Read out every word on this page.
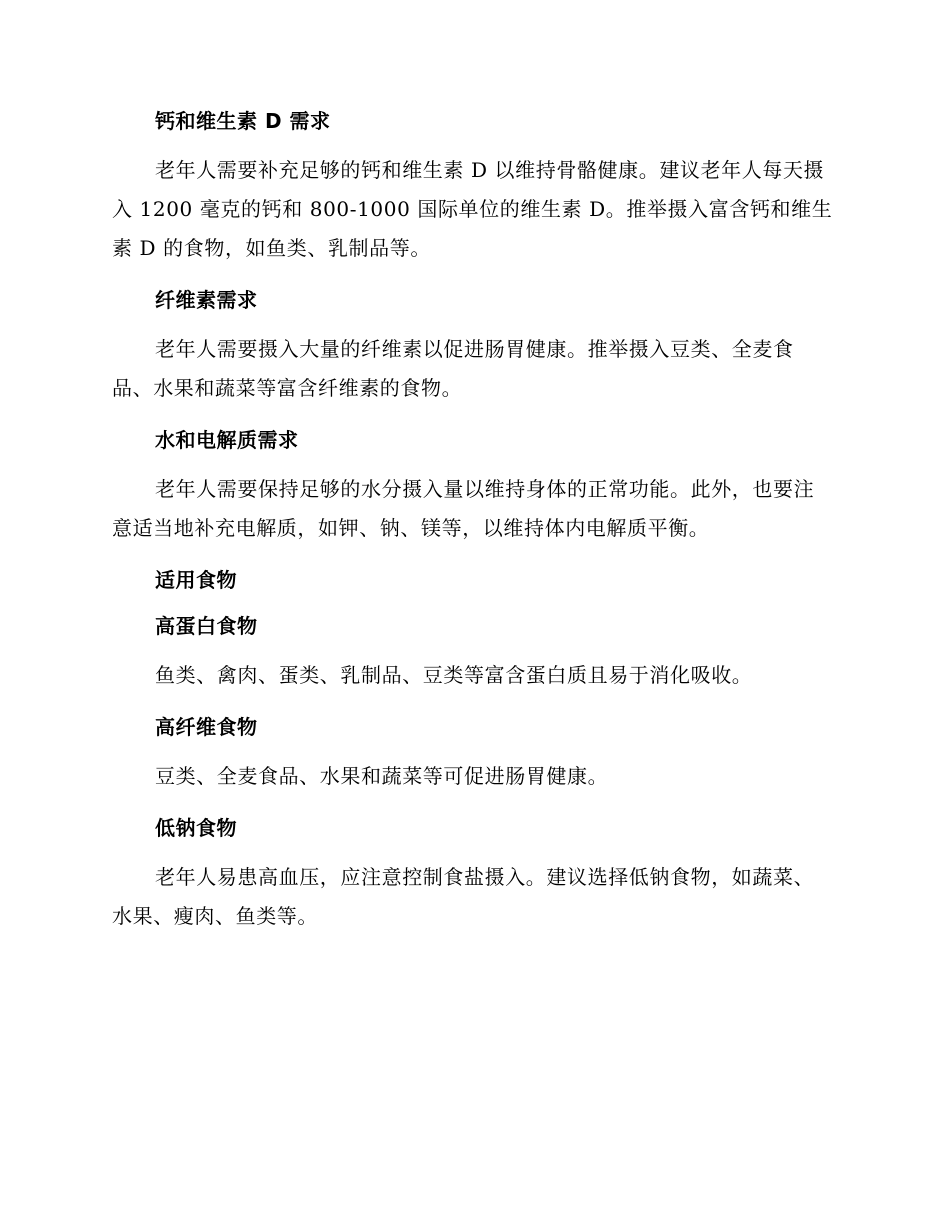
钙和维生素 D 需求

老年人需要补充足够的钙和维生素 D 以维持骨骼健康。建议老年人每天摄入 1200 毫克的钙和 800-1000 国际单位的维生素 D。推举摄入富含钙和维生素 D 的食物，如鱼类、乳制品等。

纤维素需求

老年人需要摄入大量的纤维素以促进肠胃健康。推举摄入豆类、全麦食品、水果和蔬菜等富含纤维素的食物。

水和电解质需求

老年人需要保持足够的水分摄入量以维持身体的正常功能。此外，也要注意适当地补充电解质，如钾、钠、镁等，以维持体内电解质平衡。

适用食物
高蛋白食物

鱼类、禽肉、蛋类、乳制品、豆类等富含蛋白质且易于消化吸收。

高纤维食物

豆类、全麦食品、水果和蔬菜等可促进肠胃健康。

低钠食物

老年人易患高血压，应注意控制食盐摄入。建议选择低钠食物，如蔬菜、水果、瘦肉、鱼类等。
